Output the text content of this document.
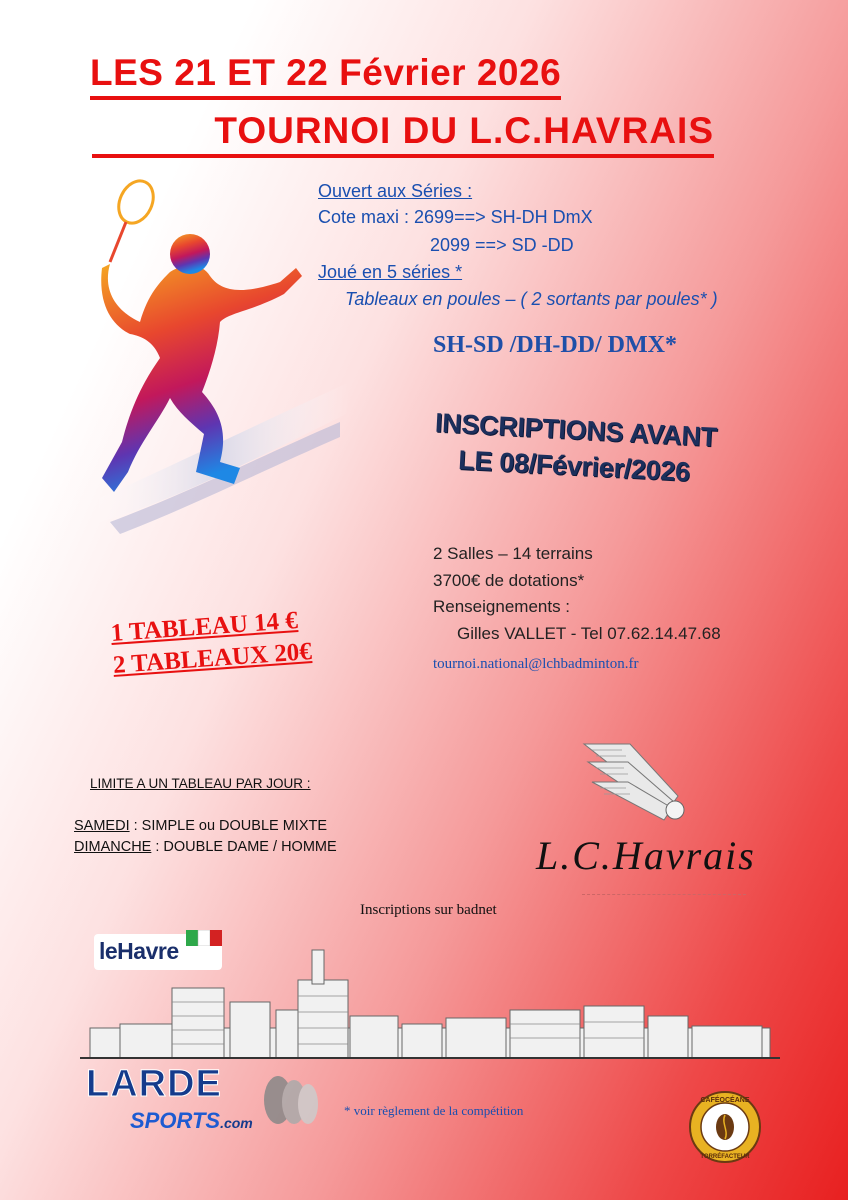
LES 21 ET 22 Février 2026
TOURNOI DU L.C.HAVRAIS
Ouvert aux Séries :
Cote maxi : 2699==> SH-DH DmX
2099 ==> SD -DD
Joué en 5 séries *
Tableaux en poules – ( 2 sortants par poules* )
SH-SD /DH-DD/ DMX*
INSCRIPTIONS AVANT
LE 08/Février/2026
2 Salles – 14 terrains
3700€ de dotations*
Renseignements :
Gilles VALLET - Tel 07.62.14.47.68
tournoi.national@lchbadminton.fr
1 TABLEAU 14 €
2 TABLEAUX 20€
LIMITE A UN TABLEAU PAR JOUR :
SAMEDI : SIMPLE ou DOUBLE MIXTE
DIMANCHE : DOUBLE DAME / HOMME	L.C.Havrais
Inscriptions sur badnet
leHavre
LARDE
SPORTS.com
* voir règlement de la compétition
CAFÉOCÉANE
TORRÉFACTEUR
